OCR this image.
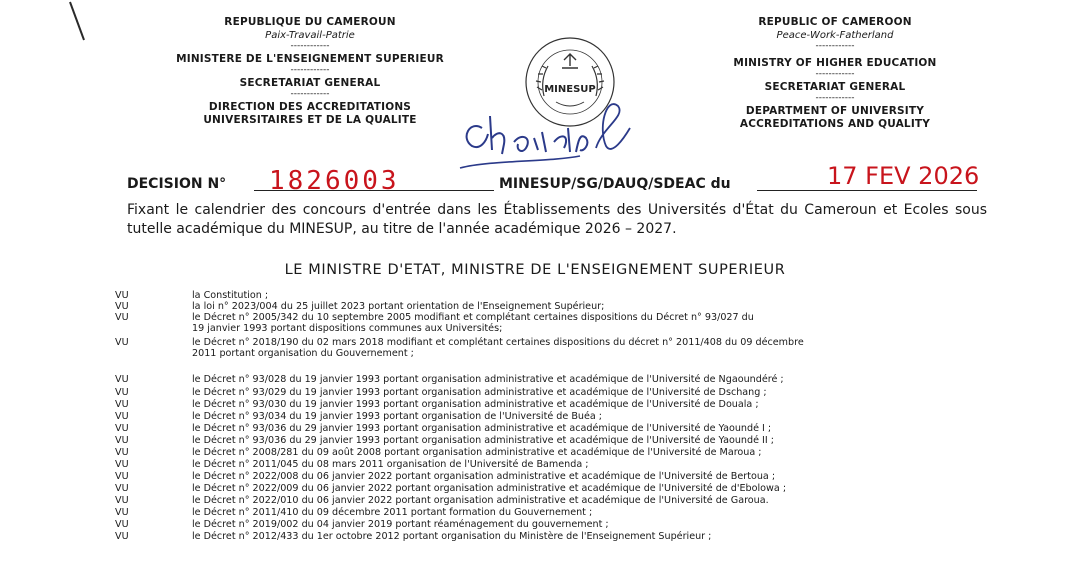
REPUBLIQUE DU CAMEROUN
Paix-Travail-Patrie
------------
MINISTERE DE L'ENSEIGNEMENT SUPERIEUR
------------
SECRETARIAT GENERAL
------------
DIRECTION DES ACCREDITATIONS
UNIVERSITAIRES ET DE LA QUALITE
REPUBLIC OF CAMEROON
Peace-Work-Fatherland
------------
MINISTRY OF HIGHER EDUCATION
------------
SECRETARIAT GENERAL
------------
DEPARTMENT OF UNIVERSITY
ACCREDITATIONS AND QUALITY
MINESUP
DECISION N° 1826003	MINESUP/SG/DAUQ/SDEAC du	17 FEV 2026
Fixant le calendrier des concours d'entrée dans les Établissements des Universités d'État du Cameroun et Ecoles sous tutelle académique du MINESUP, au titre de l'année académique 2026 – 2027.
LE MINISTRE D'ETAT, MINISTRE DE L'ENSEIGNEMENT SUPERIEUR
VU	la Constitution ;
VU	la loi n° 2023/004 du 25 juillet 2023 portant orientation de l'Enseignement Supérieur;
VU	le Décret n° 2005/342 du 10 septembre 2005 modifiant et complétant certaines dispositions du Décret n° 93/027 du
19 janvier 1993 portant dispositions communes aux Universités;
VU	le Décret n° 2018/190 du 02 mars 2018 modifiant et complétant certaines dispositions du décret n° 2011/408 du 09 décembre
2011 portant organisation du Gouvernement ;
VU	le Décret n° 93/028 du 19 janvier 1993 portant organisation administrative et académique de l'Université de Ngaoundéré ;
VU	le Décret n° 93/029 du 19 janvier 1993 portant organisation administrative et académique de l'Université de Dschang ;
VU	le Décret n° 93/030 du 19 janvier 1993 portant organisation administrative et académique de l'Université de Douala ;
VU	le Décret n° 93/034 du 19 janvier 1993 portant organisation de l'Université de Buéa ;
VU	le Décret n° 93/036 du 29 janvier 1993 portant organisation administrative et académique de l'Université de Yaoundé I ;
VU	le Décret n° 93/036 du 29 janvier 1993 portant organisation administrative et académique de l'Université de Yaoundé II ;
VU	le Décret n° 2008/281 du 09 août 2008 portant organisation administrative et académique de l'Université de Maroua ;
VU	le Décret n° 2011/045 du 08 mars 2011 organisation de l'Université de Bamenda ;
VU	le Décret n° 2022/008 du 06 janvier 2022 portant organisation administrative et académique de l'Université de Bertoua ;
VU	le Décret n° 2022/009 du 06 janvier 2022 portant organisation administrative et académique de l'Université de d'Ebolowa ;
VU	le Décret n° 2022/010 du 06 janvier 2022 portant organisation administrative et académique de l'Université de Garoua.
VU	le Décret n° 2011/410 du 09 décembre 2011 portant formation du Gouvernement ;
VU	le Décret n° 2019/002 du 04 janvier 2019 portant réaménagement du gouvernement ;
VU	le Décret n° 2012/433 du 1er octobre 2012 portant organisation du Ministère de l'Enseignement Supérieur ;
